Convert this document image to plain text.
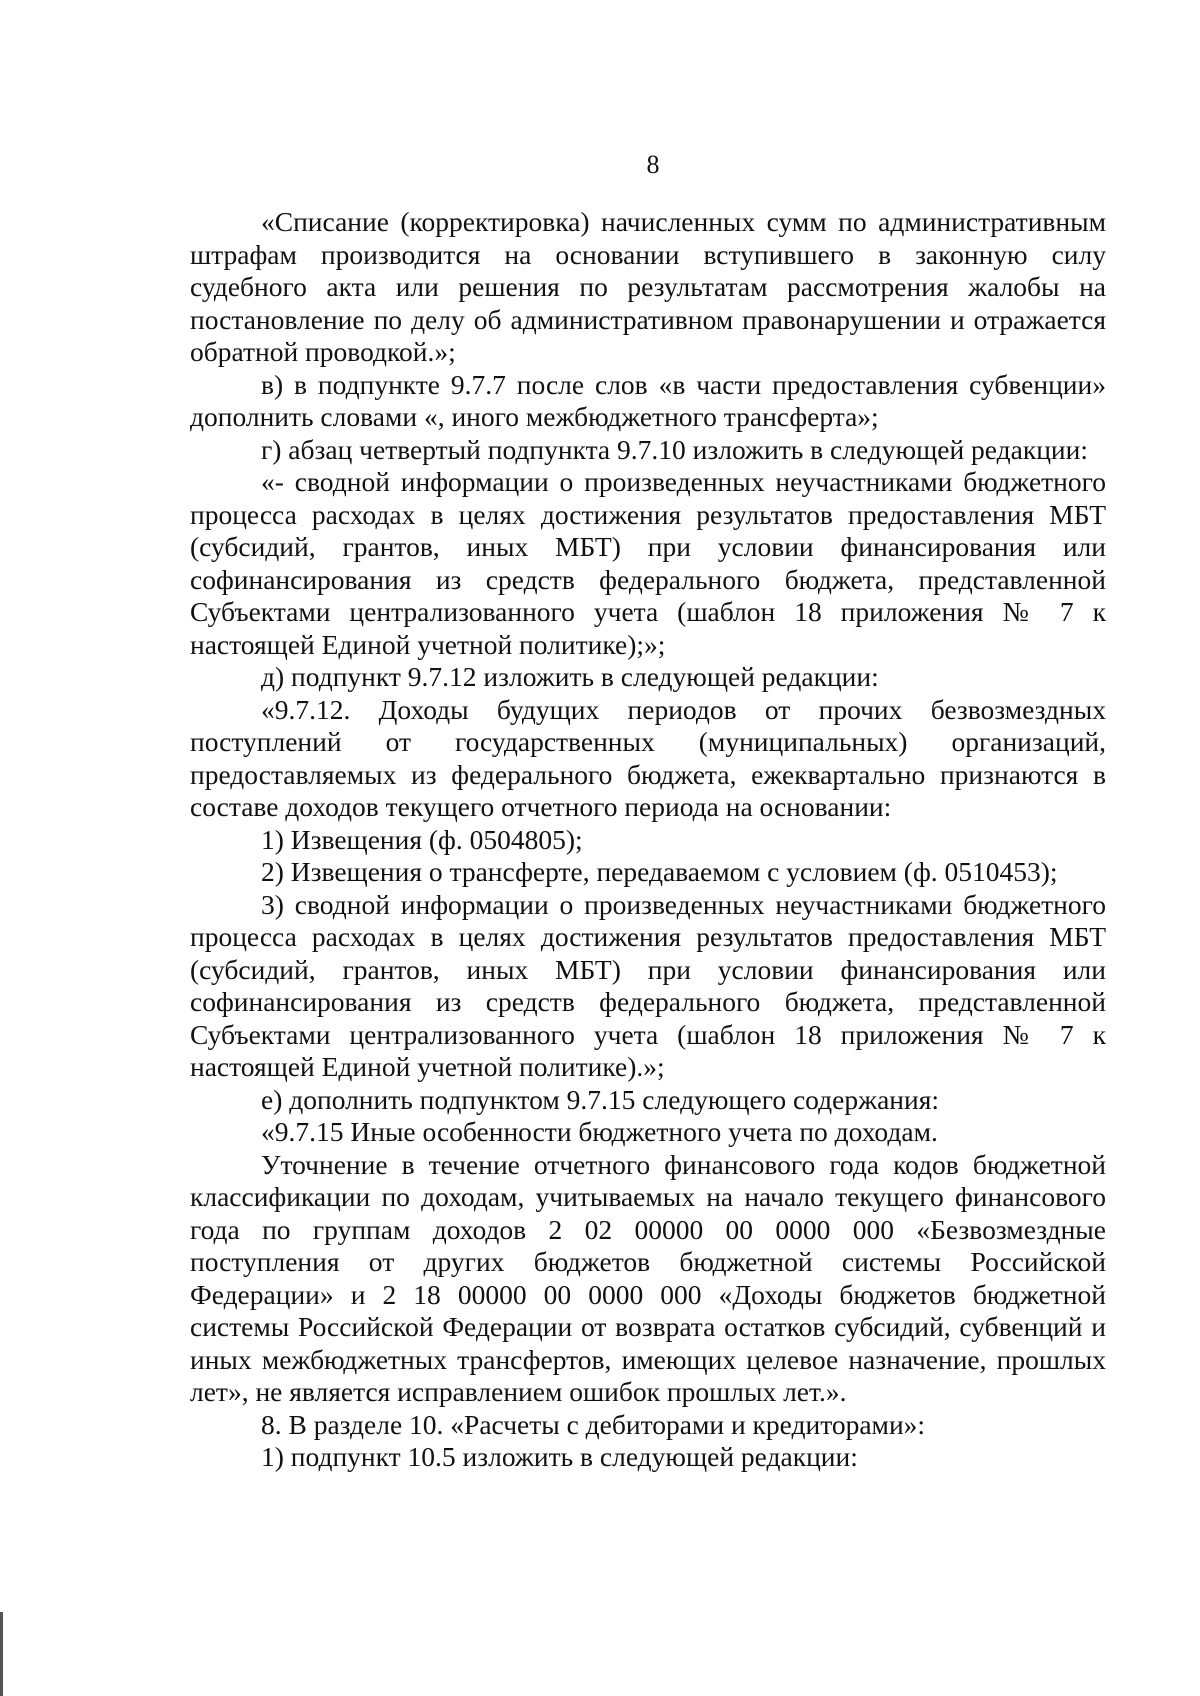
8

«Списание (корректировка) начисленных сумм по административным штрафам производится на основании вступившего в законную силу судебного акта или решения по результатам рассмотрения жалобы на постановление по делу об административном правонарушении и отражается обратной проводкой.»;

в) в подпункте 9.7.7 после слов «в части предоставления субвенции» дополнить словами «, иного межбюджетного трансферта»;

г) абзац четвертый подпункта 9.7.10 изложить в следующей редакции:

«- сводной информации о произведенных неучастниками бюджетного процесса расходах в целях достижения результатов предоставления МБТ (субсидий, грантов, иных МБТ) при условии финансирования или софинансирования из средств федерального бюджета, представленной Субъектами централизованного учета (шаблон 18 приложения № 7 к настоящей Единой учетной политике);»;

д) подпункт 9.7.12 изложить в следующей редакции:

«9.7.12. Доходы будущих периодов от прочих безвозмездных поступлений от государственных (муниципальных) организаций, предоставляемых из федерального бюджета, ежеквартально признаются в составе доходов текущего отчетного периода на основании:

1) Извещения (ф. 0504805);

2) Извещения о трансферте, передаваемом с условием (ф. 0510453);

3) сводной информации о произведенных неучастниками бюджетного процесса расходах в целях достижения результатов предоставления МБТ (субсидий, грантов, иных МБТ) при условии финансирования или софинансирования из средств федерального бюджета, представленной Субъектами централизованного учета (шаблон 18 приложения № 7 к настоящей Единой учетной политике).»;

е) дополнить подпунктом 9.7.15 следующего содержания:

«9.7.15 Иные особенности бюджетного учета по доходам.

Уточнение в течение отчетного финансового года кодов бюджетной классификации по доходам, учитываемых на начало текущего финансового года по группам доходов 2 02 00000 00 0000 000 «Безвозмездные поступления от других бюджетов бюджетной системы Российской Федерации» и 2 18 00000 00 0000 000 «Доходы бюджетов бюджетной системы Российской Федерации от возврата остатков субсидий, субвенций и иных межбюджетных трансфертов, имеющих целевое назначение, прошлых лет», не является исправлением ошибок прошлых лет.».

8. В разделе 10. «Расчеты с дебиторами и кредиторами»:

1) подпункт 10.5 изложить в следующей редакции:
